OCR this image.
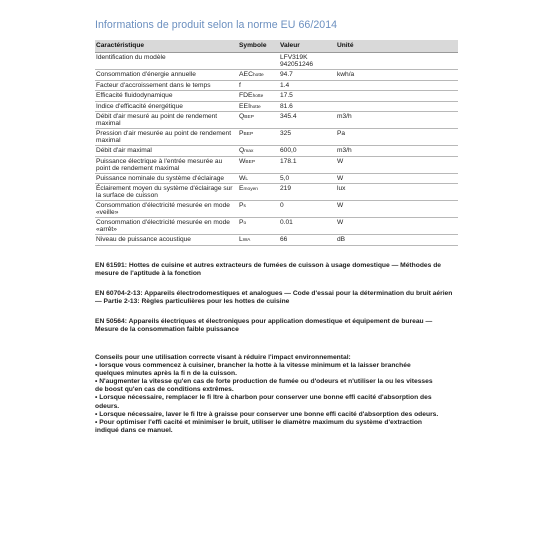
Informations de produit selon la norme EU 66/2014
Caractéristique	Symbole	Valeur	Unité
Identification du modèle		LFV319K
942051246	
Consommation d'énergie annuelle	AEChotte	94.7	kwh/a
Facteur d'accroissement dans le temps	f	1.4	
Efficacité fluidodynamique	FDEhotte	17.5	
Indice d'efficacité énergétique	EEIhotte	81.6	
Débit d'air mesuré au point de rendement maximal	QBEP	345.4	m3/h
Pression d'air mesurée au point de rendement maximal	PBEP	325	Pa
Débit d'air maximal	Qmax	600,0	m3/h
Puissance électrique à l'entrée mesurée au point de rendement maximal	WBEP	178.1	W
Puissance nominale du système d'éclairage	WL	5,0	W
Éclairement moyen du système d'éclairage sur la surface de cuisson	Emoyen	219	lux
Consommation d'électricité mesurée en mode «veille»	Ps	0	W
Consommation d'électricité mesurée en mode «arrêt»	Po	0.01	W
Niveau de puissance acoustique	LWA	66	dB
EN 61591: Hottes de cuisine et autres extracteurs de fumées de cuisson à usage domestique — Méthodes de mesure de l'aptitude à la fonction
EN 60704-2-13: Appareils électrodomestiques et analogues — Code d'essai pour la détermination du bruit aérien — Partie 2-13: Règles particulières pour les hottes de cuisine
EN 50564: Appareils électriques et électroniques pour application domestique et équipement de bureau — Mesure de la consommation faible puissance
Conseils pour une utilisation correcte visant à réduire l'impact environnemental:
• lorsque vous commencez à cuisiner, brancher la hotte à la vitesse minimum et la laisser branchée
quelques minutes après la fi n de la cuisson.
• N'augmenter la vitesse qu'en cas de forte production de fumée ou d'odeurs et n'utiliser la ou les vitesses
de boost qu'en cas de conditions extrêmes.
• Lorsque nécessaire, remplacer le fi ltre à charbon pour conserver une bonne effi cacité d'absorption des
odeurs.
• Lorsque nécessaire, laver le fi ltre à graisse pour conserver une bonne effi cacité d'absorption des odeurs.
• Pour optimiser l'effi cacité et minimiser le bruit, utiliser le diamètre maximum du système d'extraction
indiqué dans ce manuel.
